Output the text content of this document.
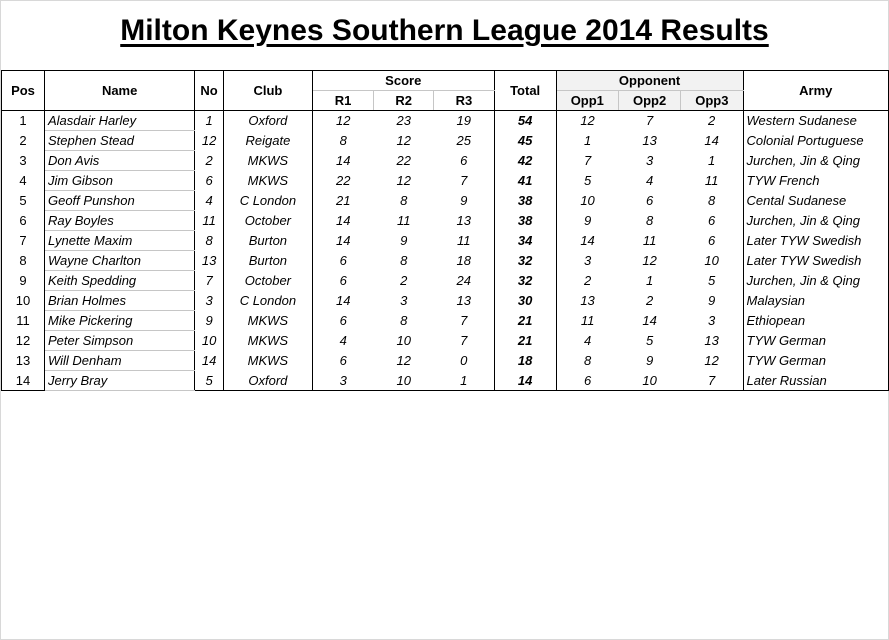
Milton Keynes Southern League 2014 Results
Pos	Name	No	Club	Score			Total	Opponent			Army
				R1	R2	R3		Opp1	Opp2	Opp3	
1	Alasdair Harley	1	Oxford	12	23	19	54	12	7	2	Western Sudanese
2	Stephen Stead	12	Reigate	8	12	25	45	1	13	14	Colonial Portuguese
3	Don Avis	2	MKWS	14	22	6	42	7	3	1	Jurchen, Jin & Qing
4	Jim Gibson	6	MKWS	22	12	7	41	5	4	11	TYW French
5	Geoff Punshon	4	C London	21	8	9	38	10	6	8	Cental Sudanese
6	Ray Boyles	11	October	14	11	13	38	9	8	6	Jurchen, Jin & Qing
7	Lynette Maxim	8	Burton	14	9	11	34	14	11	6	Later TYW Swedish
8	Wayne Charlton	13	Burton	6	8	18	32	3	12	10	Later TYW Swedish
9	Keith Spedding	7	October	6	2	24	32	2	1	5	Jurchen, Jin & Qing
10	Brian Holmes	3	C London	14	3	13	30	13	2	9	Malaysian
11	Mike Pickering	9	MKWS	6	8	7	21	11	14	3	Ethiopean
12	Peter Simpson	10	MKWS	4	10	7	21	4	5	13	TYW German
13	Will Denham	14	MKWS	6	12	0	18	8	9	12	TYW German
14	Jerry Bray	5	Oxford	3	10	1	14	6	10	7	Later Russian
